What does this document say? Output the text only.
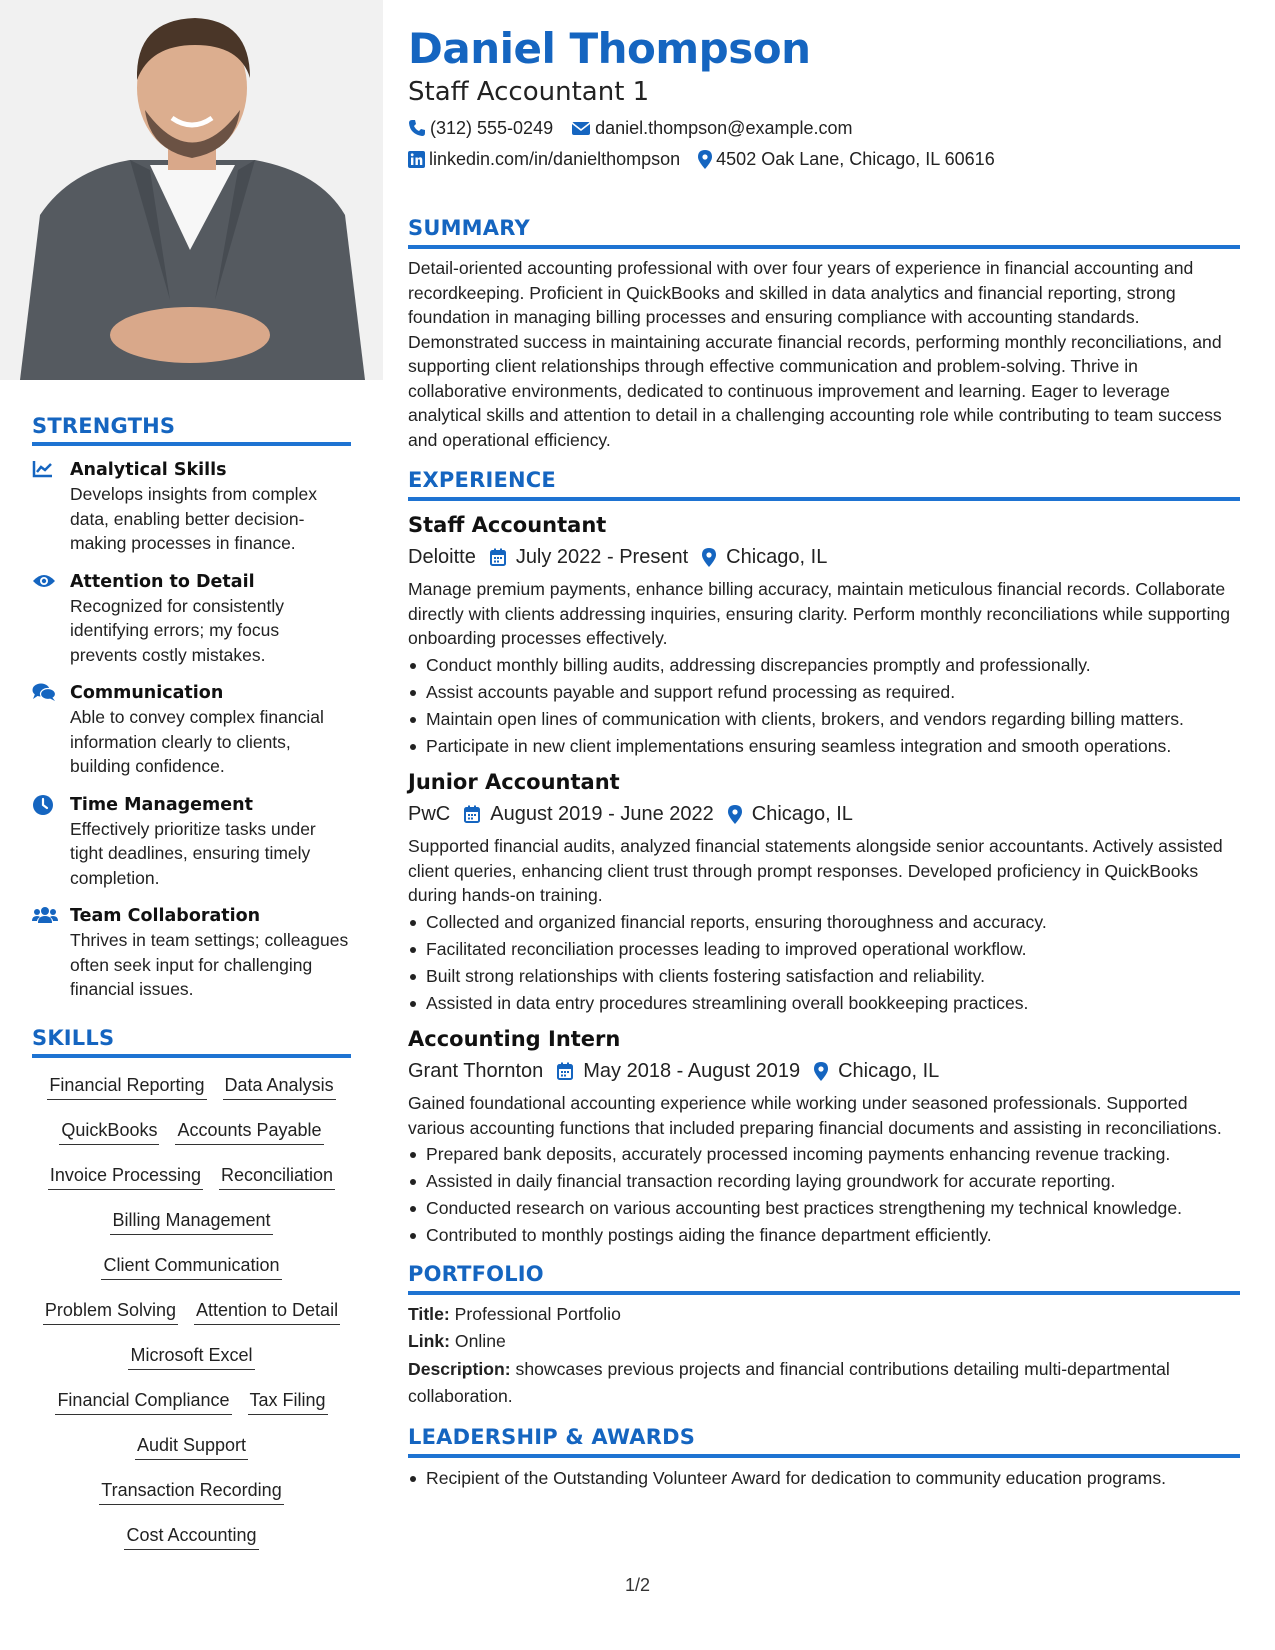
STRENGTHS
Analytical Skills
Develops insights from complex data, enabling better decision-making processes in finance.
Attention to Detail
Recognized for consistently identifying errors; my focus prevents costly mistakes.
Communication
Able to convey complex financial information clearly to clients, building confidence.
Time Management
Effectively prioritize tasks under tight deadlines, ensuring timely completion.
Team Collaboration
Thrives in team settings; colleagues often seek input for challenging financial issues.
SKILLS
Financial Reporting Data Analysis
QuickBooks Accounts Payable
Invoice Processing Reconciliation
Billing Management
Client Communication
Problem Solving Attention to Detail
Microsoft Excel
Financial Compliance Tax Filing
Audit Support
Transaction Recording
Cost Accounting
Daniel Thompson
Staff Accountant 1
(312) 555-0249 daniel.thompson@example.com
linkedin.com/in/danielthompson 4502 Oak Lane, Chicago, IL 60616
SUMMARY
Detail-oriented accounting professional with over four years of experience in financial accounting and recordkeeping. Proficient in QuickBooks and skilled in data analytics and financial reporting, strong foundation in managing billing processes and ensuring compliance with accounting standards. Demonstrated success in maintaining accurate financial records, performing monthly reconciliations, and supporting client relationships through effective communication and problem-solving. Thrive in collaborative environments, dedicated to continuous improvement and learning. Eager to leverage analytical skills and attention to detail in a challenging accounting role while contributing to team success and operational efficiency.
EXPERIENCE
Staff Accountant
Deloitte July 2022 - Present Chicago, IL
Manage premium payments, enhance billing accuracy, maintain meticulous financial records. Collaborate directly with clients addressing inquiries, ensuring clarity. Perform monthly reconciliations while supporting onboarding processes effectively.
Conduct monthly billing audits, addressing discrepancies promptly and professionally.
Assist accounts payable and support refund processing as required.
Maintain open lines of communication with clients, brokers, and vendors regarding billing matters.
Participate in new client implementations ensuring seamless integration and smooth operations.
Junior Accountant
PwC August 2019 - June 2022 Chicago, IL
Supported financial audits, analyzed financial statements alongside senior accountants. Actively assisted client queries, enhancing client trust through prompt responses. Developed proficiency in QuickBooks during hands-on training.
Collected and organized financial reports, ensuring thoroughness and accuracy.
Facilitated reconciliation processes leading to improved operational workflow.
Built strong relationships with clients fostering satisfaction and reliability.
Assisted in data entry procedures streamlining overall bookkeeping practices.
Accounting Intern
Grant Thornton May 2018 - August 2019 Chicago, IL
Gained foundational accounting experience while working under seasoned professionals. Supported various accounting functions that included preparing financial documents and assisting in reconciliations.
Prepared bank deposits, accurately processed incoming payments enhancing revenue tracking.
Assisted in daily financial transaction recording laying groundwork for accurate reporting.
Conducted research on various accounting best practices strengthening my technical knowledge.
Contributed to monthly postings aiding the finance department efficiently.
PORTFOLIO
Title: Professional Portfolio
Link: Online
Description: showcases previous projects and financial contributions detailing multi-departmental collaboration.
LEADERSHIP & AWARDS
Recipient of the Outstanding Volunteer Award for dedication to community education programs.
1/2
